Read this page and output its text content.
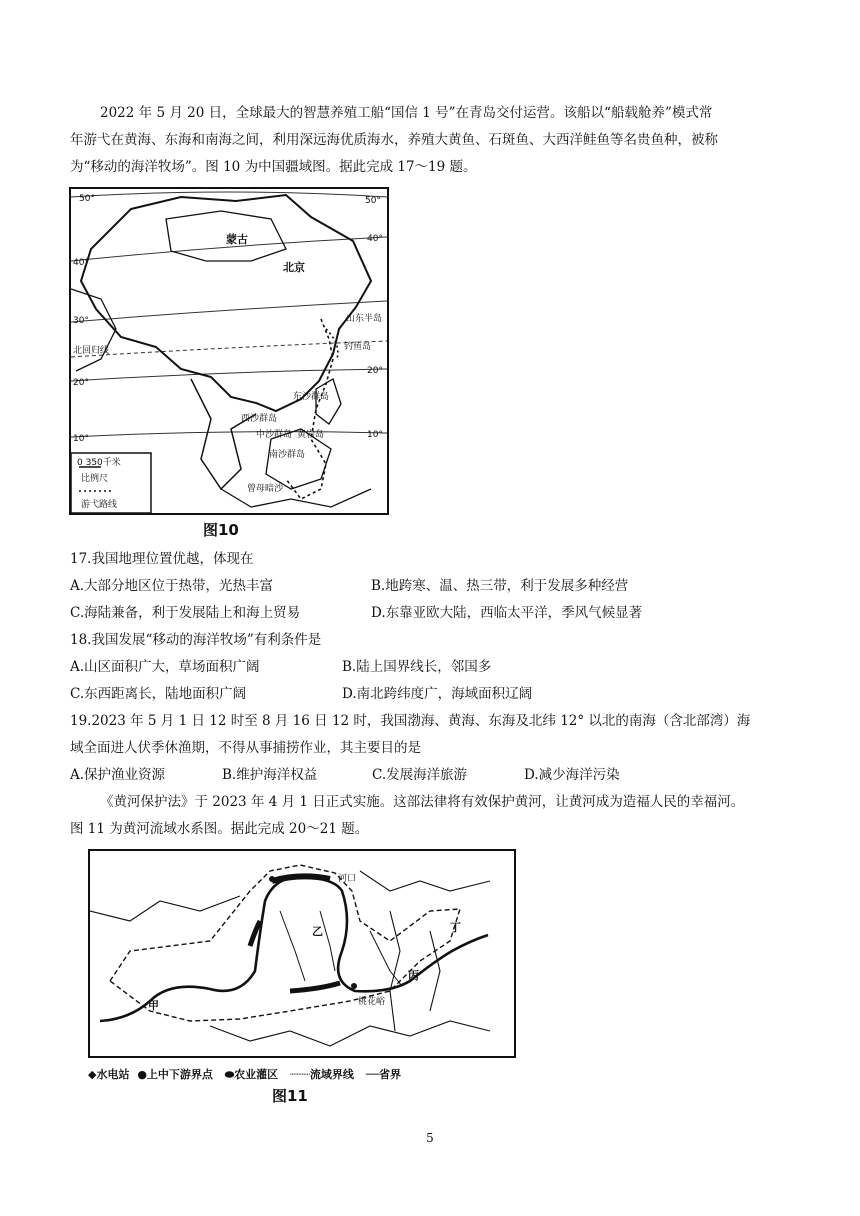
2022 年 5 月 20 日，全球最大的智慧养殖工船“国信 1 号”在青岛交付运营。该船以“船载舱养”模式常
年游弋在黄海、东海和南海之间，利用深远海优质海水，养殖大黄鱼、石斑鱼、大西洋鲑鱼等名贵鱼种，被称
为“移动的海洋牧场”。图 10 为中国疆域图。据此完成 17～19 题。
50°	50°
40°
40°
30°
北回归线
20°
20°
10°	10°
蒙古
北京
山东半岛
钓鱼岛
东沙群岛
西沙群岛
中沙群岛 黄岩岛
南沙群岛
曾母暗沙
0 350千米
比例尺
游弋路线
图10
17.我国地理位置优越，体现在
A.大部分地区位于热带，光热丰富	B.地跨寒、温、热三带，利于发展多种经营
C.海陆兼备，利于发展陆上和海上贸易	D.东靠亚欧大陆，西临太平洋，季风气候显著
18.我国发展“移动的海洋牧场”有利条件是
A.山区面积广大，草场面积广阔	B.陆上国界线长，邻国多
C.东西距离长，陆地面积广阔	D.南北跨纬度广，海域面积辽阔
19.2023 年 5 月 1 日 12 时至 8 月 16 日 12 时，我国渤海、黄海、东海及北纬 12° 以北的南海（含北部湾）海
域全面进人伏季休渔期，不得从事捕捞作业，其主要目的是
A.保护渔业资源	B.维护海洋权益	C.发展海洋旅游	D.减少海洋污染
《黄河保护法》于 2023 年 4 月 1 日正式实施。这部法律将有效保护黄河，让黄河成为造福人民的幸福河。
图 11 为黄河流域水系图。据此完成 20～21 题。
甲
乙
丙
丁
河口
桃花峪
◆水电站 ●上中下游界点 ⬬农业灌区 ┈┈┈流域界线 ──省界
图11
5
